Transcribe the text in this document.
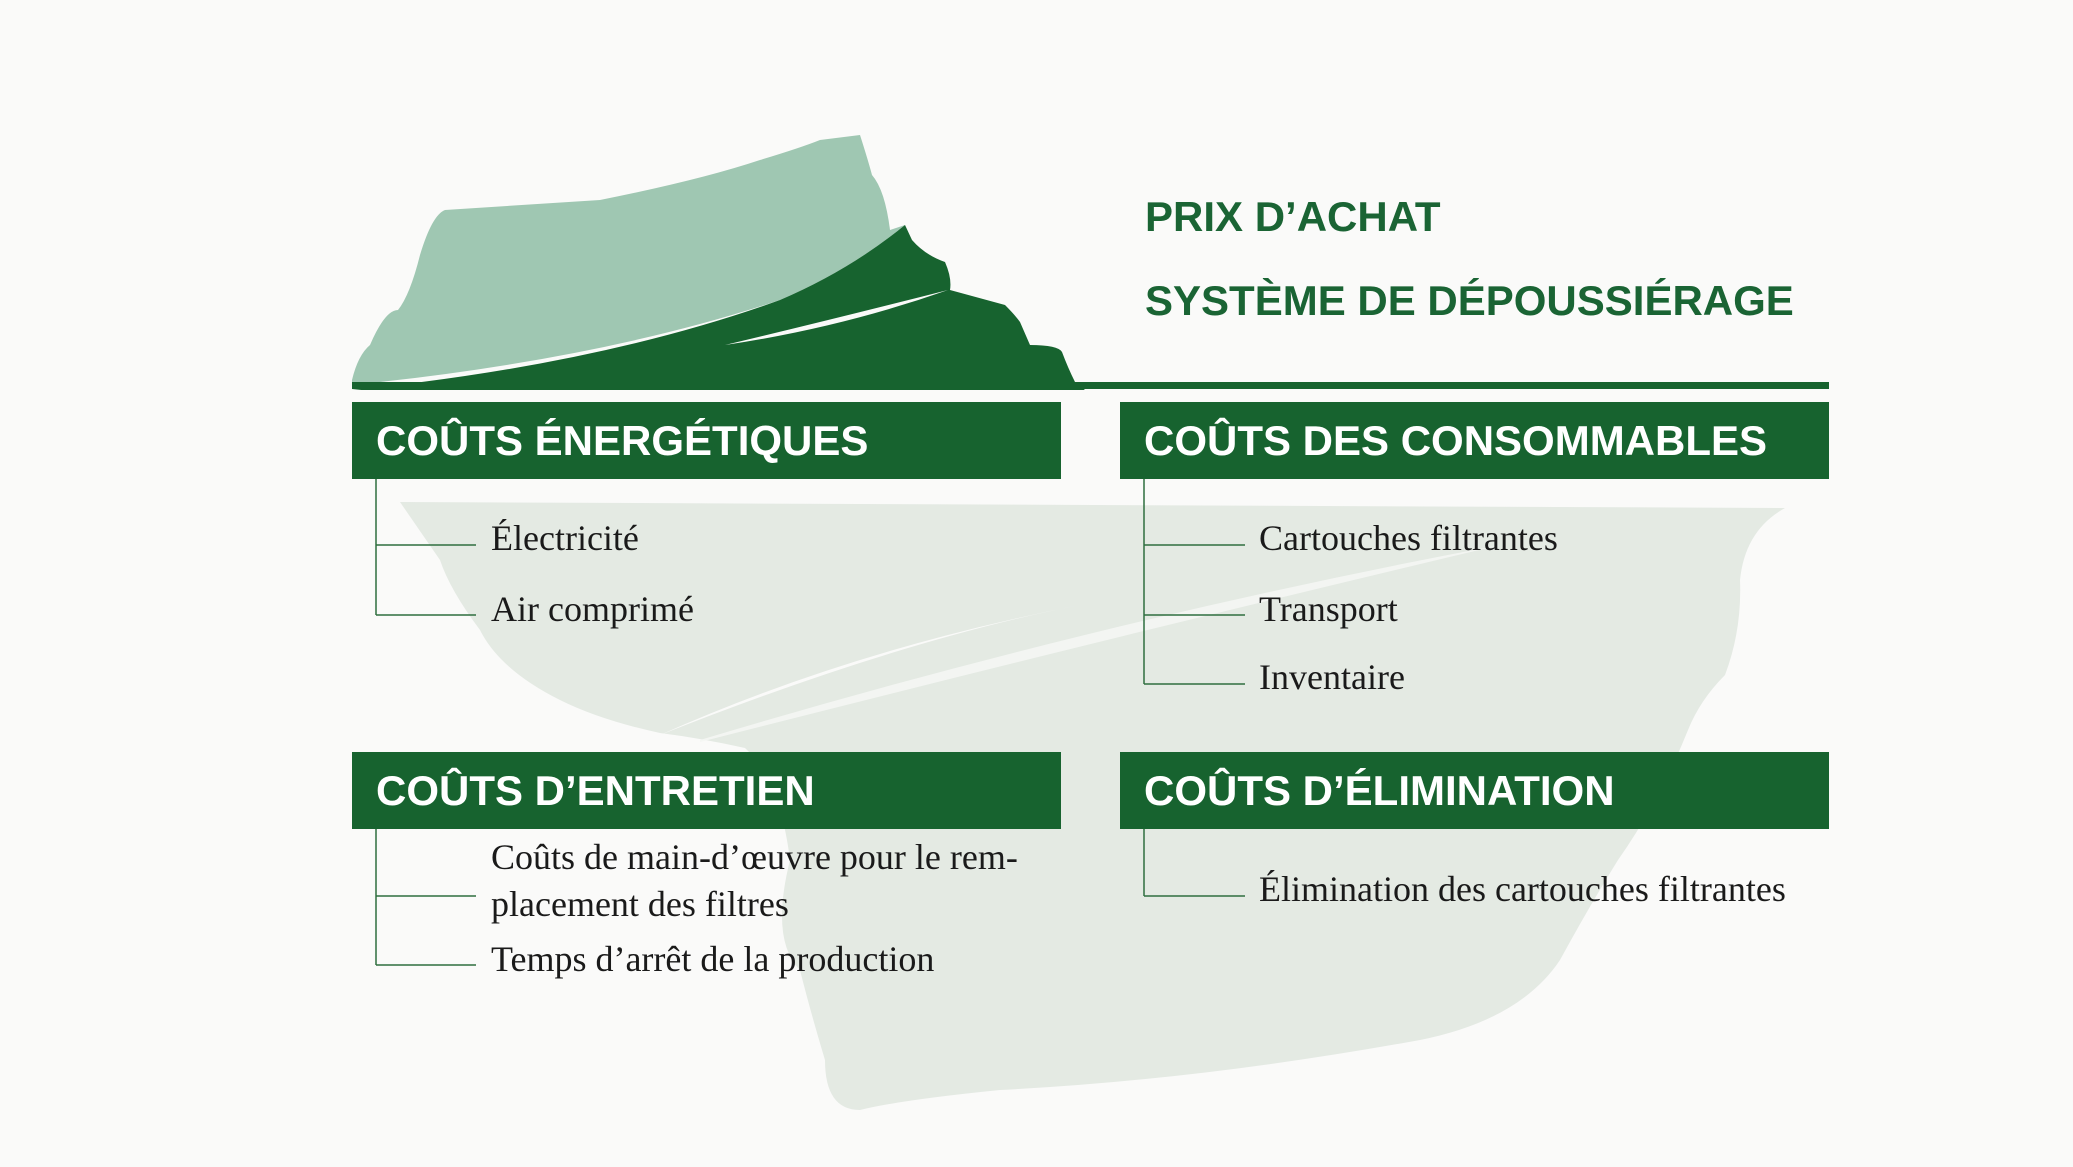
PRIX D’ACHAT
SYSTÈME DE DÉPOUSSIÉRAGE
COÛTS ÉNERGÉTIQUES

Électricité

Air comprimé

COÛTS DES CONSOMMABLES

Cartouches filtrantes

Transport

Inventaire

COÛTS D’ENTRETIEN

Coûts de main-d’œuvre pour le rem-

placement des filtres

Temps d’arrêt de la production

COÛTS D’ÉLIMINATION

Élimination des cartouches filtrantes
